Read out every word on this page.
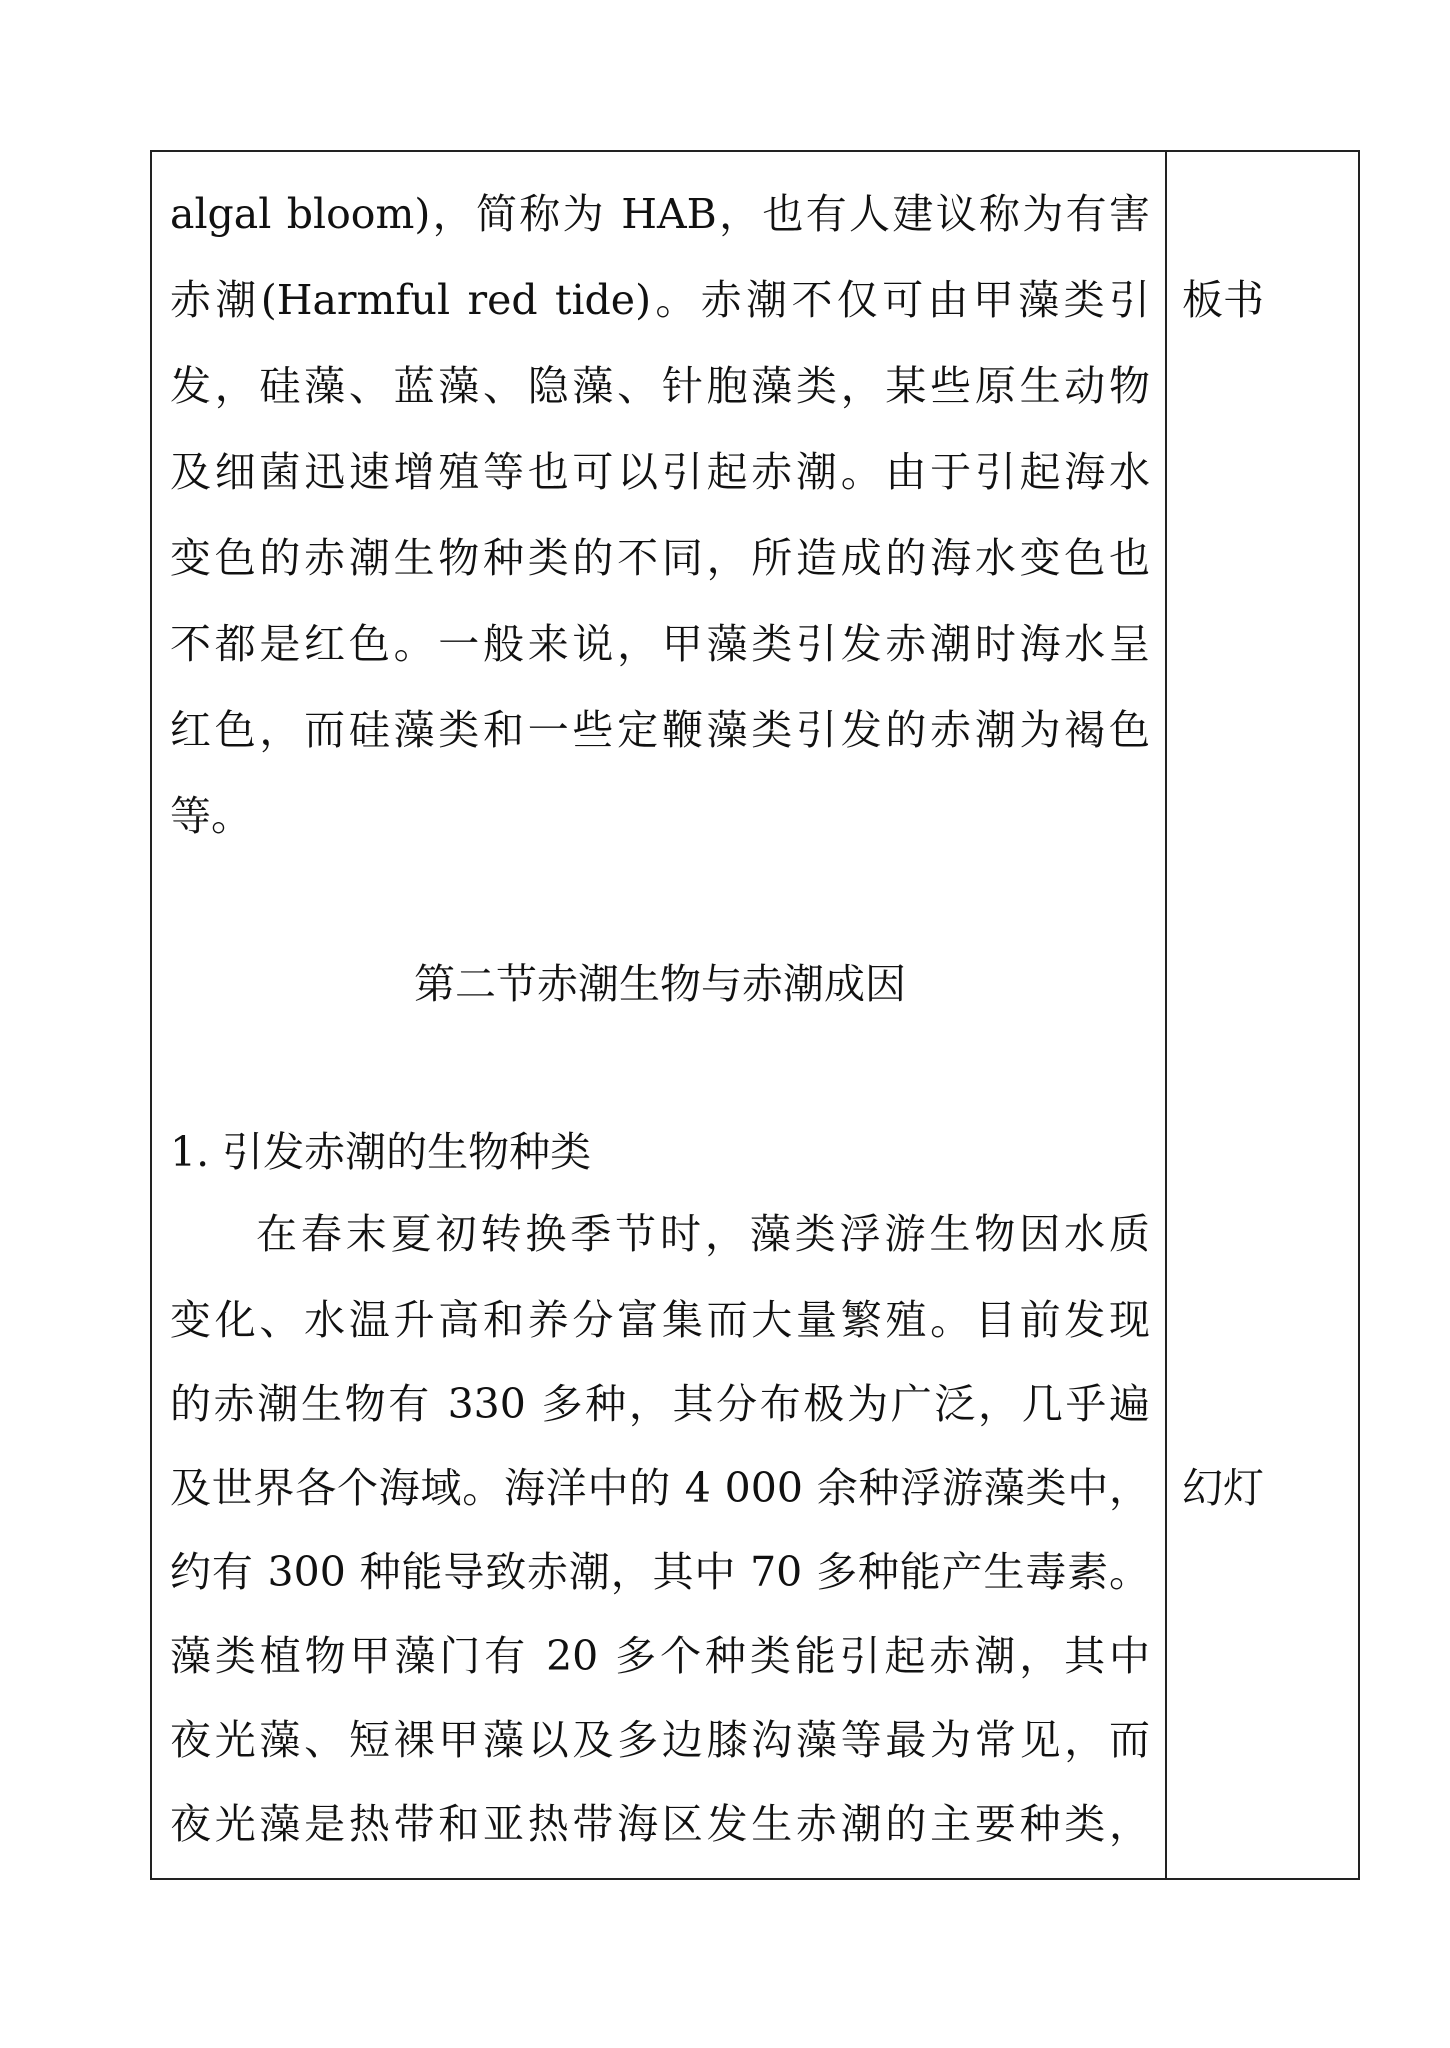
algal bloom)，简称为 HAB，也有人建议称为有害
赤潮(Harmful red tide)。赤潮不仅可由甲藻类引
发，硅藻、蓝藻、隐藻、针胞藻类，某些原生动物
及细菌迅速增殖等也可以引起赤潮。由于引起海水
变色的赤潮生物种类的不同，所造成的海水变色也
不都是红色。一般来说，甲藻类引发赤潮时海水呈
红色，而硅藻类和一些定鞭藻类引发的赤潮为褐色
等。
第二节赤潮生物与赤潮成因
1. 引发赤潮的生物种类
在春末夏初转换季节时，藻类浮游生物因水质
变化、水温升高和养分富集而大量繁殖。目前发现
的赤潮生物有 330 多种，其分布极为广泛，几乎遍
及世界各个海域。海洋中的 4 000 余种浮游藻类中，
约有 300 种能导致赤潮，其中 70 多种能产生毒素。
藻类植物甲藻门有 20 多个种类能引起赤潮，其中
夜光藻、短裸甲藻以及多边膝沟藻等最为常见，而
夜光藻是热带和亚热带海区发生赤潮的主要种类，
板书
幻灯
